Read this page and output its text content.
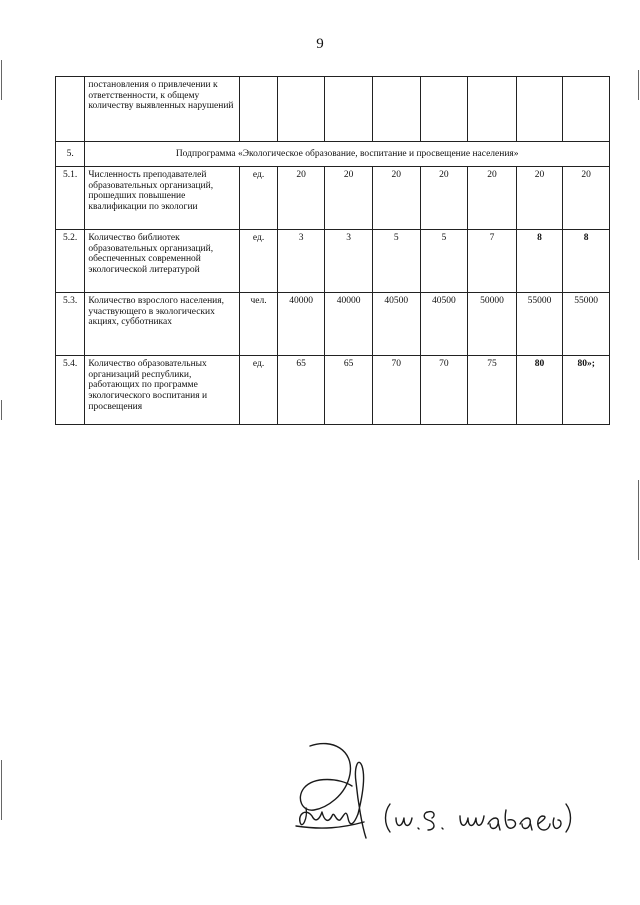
9
	постановления о привлечении к ответственности, к общему количеству выявленных нарушений								
5.	Подпрограмма «Экологическое образование, воспитание и просвещение населения»								
5.1.	Численность преподавателей образовательных организаций, прошедших повышение квалификации по экологии	ед.	20	20	20	20	20	20	20
5.2.	Количество библиотек образовательных организаций, обеспеченных современной экологической литературой	ед.	3	3	5	5	7	8	8
5.3.	Количество взрослого населения, участвующего в экологических акциях, субботниках	чел.	40000	40000	40500	40500	50000	55000	55000
5.4.	Количество образовательных организаций республики, работающих по программе экологического воспитания и просвещения	ед.	65	65	70	70	75	80	80»;
